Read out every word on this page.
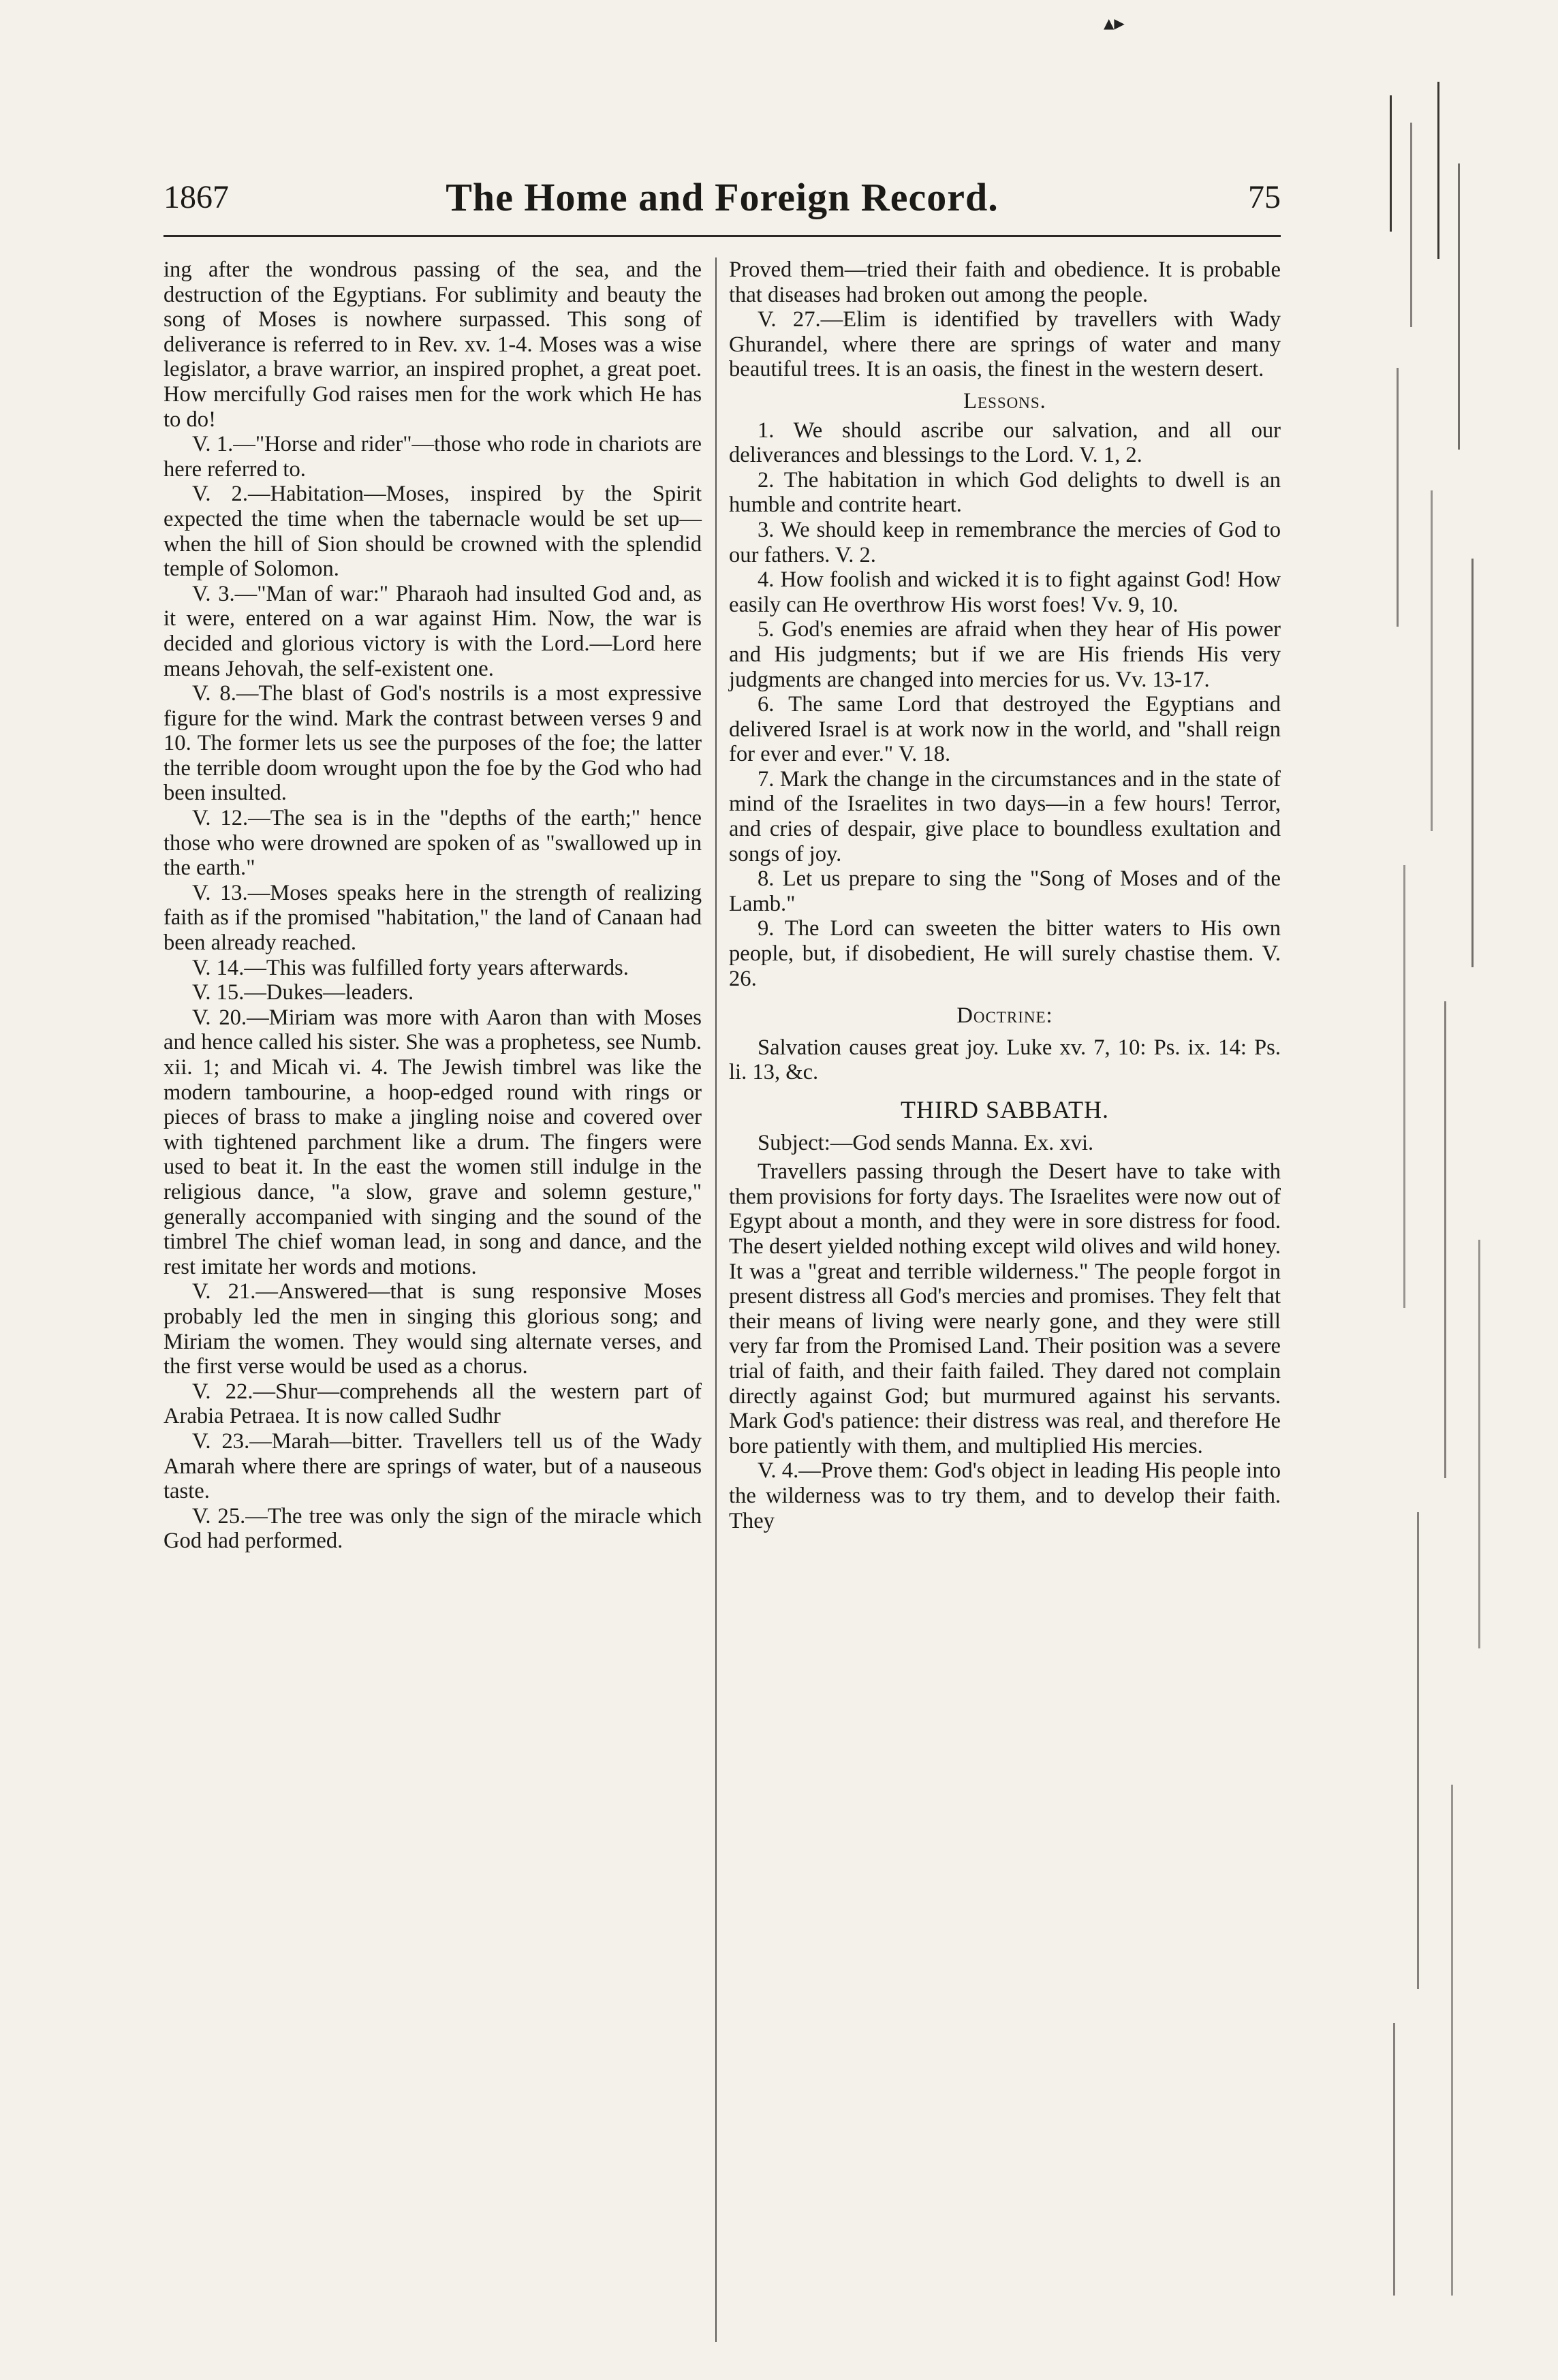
▲▶
1867	The Home and Foreign Record.	75

ing after the wondrous passing of the sea, and the destruction of the Egyptians. For sublimity and beauty the song of Moses is nowhere surpassed. This song of deliverance is referred to in Rev. xv. 1-4. Moses was a wise legislator, a brave warrior, an inspired prophet, a great poet. How mercifully God raises men for the work which He has to do!

V. 1.—"Horse and rider"—those who rode in chariots are here referred to.

V. 2.—Habitation—Moses, inspired by the Spirit expected the time when the tabernacle would be set up—when the hill of Sion should be crowned with the splendid temple of Solomon.

V. 3.—"Man of war:" Pharaoh had insulted God and, as it were, entered on a war against Him. Now, the war is decided and glorious victory is with the Lord.—Lord here means Jehovah, the self-existent one.

V. 8.—The blast of God's nostrils is a most expressive figure for the wind. Mark the contrast between verses 9 and 10. The former lets us see the purposes of the foe; the latter the terrible doom wrought upon the foe by the God who had been insulted.

V. 12.—The sea is in the "depths of the earth;" hence those who were drowned are spoken of as "swallowed up in the earth."

V. 13.—Moses speaks here in the strength of realizing faith as if the promised "habitation," the land of Canaan had been already reached.

V. 14.—This was fulfilled forty years afterwards.

V. 15.—Dukes—leaders.

V. 20.—Miriam was more with Aaron than with Moses and hence called his sister. She was a prophetess, see Numb. xii. 1; and Micah vi. 4. The Jewish timbrel was like the modern tambourine, a hoop-edged round with rings or pieces of brass to make a jingling noise and covered over with tightened parchment like a drum. The fingers were used to beat it. In the east the women still indulge in the religious dance, "a slow, grave and solemn gesture," generally accompanied with singing and the sound of the timbrel The chief woman lead, in song and dance, and the rest imitate her words and motions.

V. 21.—Answered—that is sung responsive Moses probably led the men in singing this glorious song; and Miriam the women. They would sing alternate verses, and the first verse would be used as a chorus.

V. 22.—Shur—comprehends all the western part of Arabia Petraea. It is now called Sudhr

V. 23.—Marah—bitter. Travellers tell us of the Wady Amarah where there are springs of water, but of a nauseous taste.

V. 25.—The tree was only the sign of the miracle which God had performed.

Proved them—tried their faith and obedience. It is probable that diseases had broken out among the people.

V. 27.—Elim is identified by travellers with Wady Ghurandel, where there are springs of water and many beautiful trees. It is an oasis, the finest in the western desert.

Lessons.

1. We should ascribe our salvation, and all our deliverances and blessings to the Lord. V. 1, 2.

2. The habitation in which God delights to dwell is an humble and contrite heart.

3. We should keep in remembrance the mercies of God to our fathers. V. 2.

4. How foolish and wicked it is to fight against God! How easily can He overthrow His worst foes! Vv. 9, 10.

5. God's enemies are afraid when they hear of His power and His judgments; but if we are His friends His very judgments are changed into mercies for us. Vv. 13-17.

6. The same Lord that destroyed the Egyptians and delivered Israel is at work now in the world, and "shall reign for ever and ever." V. 18.

7. Mark the change in the circumstances and in the state of mind of the Israelites in two days—in a few hours! Terror, and cries of despair, give place to boundless exultation and songs of joy.

8. Let us prepare to sing the "Song of Moses and of the Lamb."

9. The Lord can sweeten the bitter waters to His own people, but, if disobedient, He will surely chastise them. V. 26.

Doctrine:

Salvation causes great joy. Luke xv. 7, 10: Ps. ix. 14: Ps. li. 13, &c.

THIRD SABBATH.

Subject:—God sends Manna. Ex. xvi.

Travellers passing through the Desert have to take with them provisions for forty days. The Israelites were now out of Egypt about a month, and they were in sore distress for food. The desert yielded nothing except wild olives and wild honey. It was a "great and terrible wilderness." The people forgot in present distress all God's mercies and promises. They felt that their means of living were nearly gone, and they were still very far from the Promised Land. Their position was a severe trial of faith, and their faith failed. They dared not complain directly against God; but murmured against his servants. Mark God's patience: their distress was real, and therefore He bore patiently with them, and multiplied His mercies.

V. 4.—Prove them: God's object in leading His people into the wilderness was to try them, and to develop their faith. They
